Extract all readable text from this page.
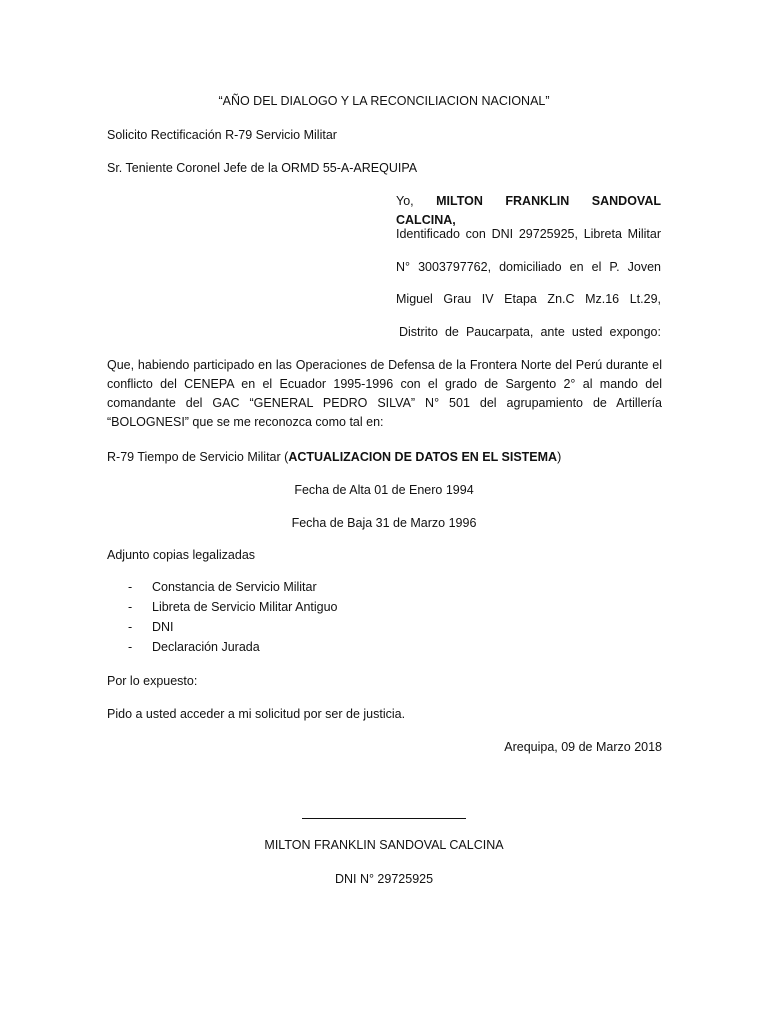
“AÑO DEL DIALOGO Y LA RECONCILIACION NACIONAL”
Solicito Rectificación R-79 Servicio Militar
Sr. Teniente Coronel Jefe de la ORMD 55-A-AREQUIPA
Yo, MILTON FRANKLIN SANDOVAL CALCINA,
Identificado con DNI 29725925, Libreta Militar
N° 3003797762, domiciliado en el P. Joven
Miguel Grau IV Etapa Zn.C Mz.16 Lt.29,
Distrito de Paucarpata, ante usted expongo:
Que, habiendo participado en las Operaciones de Defensa de la Frontera Norte del Perú durante el
conflicto del CENEPA en el Ecuador 1995-1996 con el grado de Sargento 2° al mando del
comandante del GAC “GENERAL PEDRO SILVA” N° 501 del agrupamiento de Artillería
“BOLOGNESI” que se me reconozca como tal en:
R-79 Tiempo de Servicio Militar (ACTUALIZACION DE DATOS EN EL SISTEMA)
Fecha de Alta 01 de Enero 1994
Fecha de Baja 31 de Marzo 1996
Adjunto copias legalizadas
- Constancia de Servicio Militar
- Libreta de Servicio Militar Antiguo
- DNI
- Declaración Jurada
Por lo expuesto:
Pido a usted acceder a mi solicitud por ser de justicia.
Arequipa, 09 de Marzo 2018
MILTON FRANKLIN SANDOVAL CALCINA
DNI N° 29725925
